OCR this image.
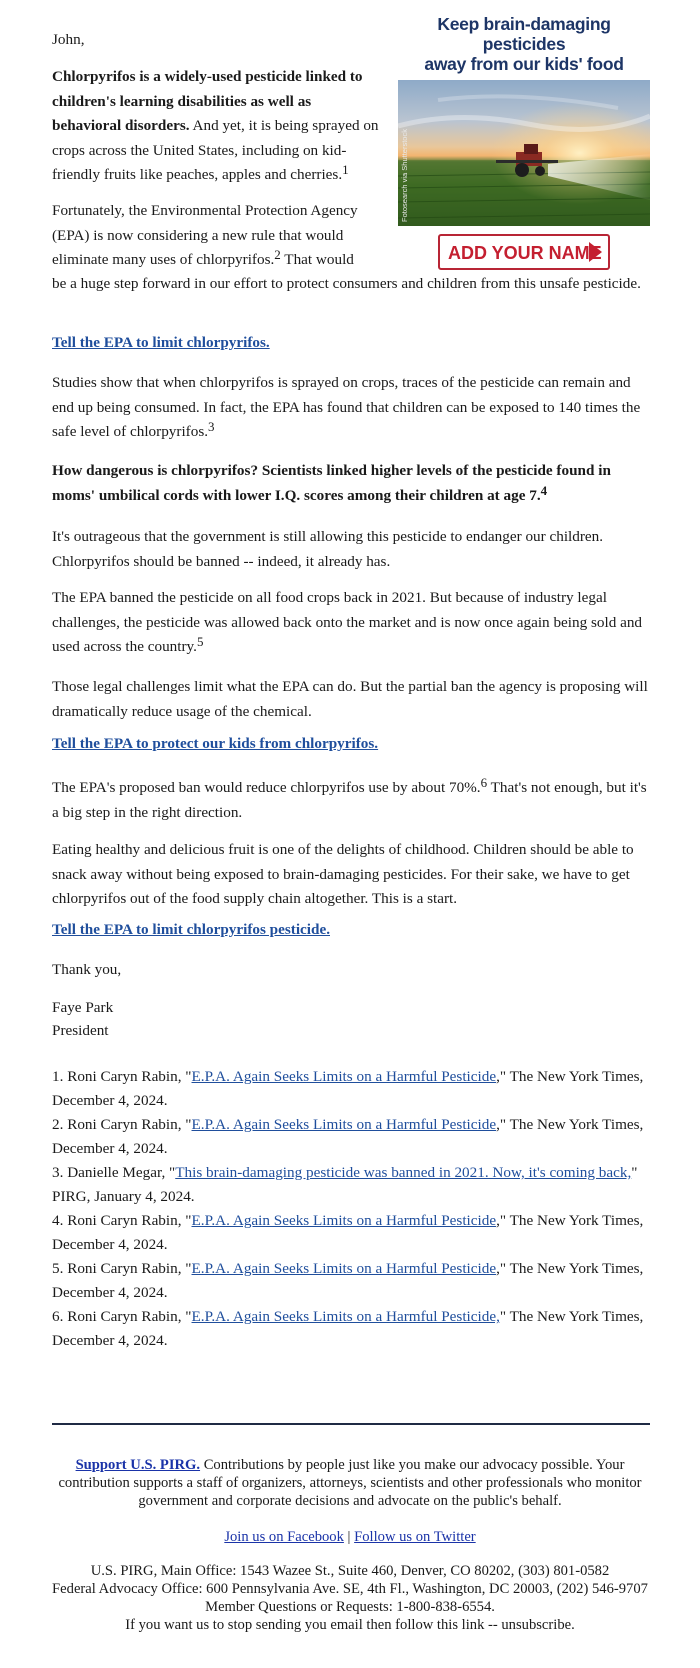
Keep brain-damaging pesticides
away from our kids' food
Fotosearch via Shutterstock
ADD YOUR NAME

John,

Chlorpyrifos is a widely-used pesticide linked to children's learning disabilities as well as behavioral disorders. And yet, it is being sprayed on crops across the United States, including on kid-friendly fruits like peaches, apples and cherries.$^1$

Fortunately, the Environmental Protection Agency (EPA) is now considering a new rule that would eliminate many uses of chlorpyrifos.$^2$ That would

be a huge step forward in our effort to protect consumers and children from this unsafe pesticide.

Tell the EPA to limit chlorpyrifos.

Studies show that when chlorpyrifos is sprayed on crops, traces of the pesticide can remain and end up being consumed. In fact, the EPA has found that children can be exposed to 140 times the safe level of chlorpyrifos.$^3$

How dangerous is chlorpyrifos? Scientists linked higher levels of the pesticide found in moms' umbilical cords with lower I.Q. scores among their children at age 7.$^4$

It's outrageous that the government is still allowing this pesticide to endanger our children. Chlorpyrifos should be banned -- indeed, it already has.

The EPA banned the pesticide on all food crops back in 2021. But because of industry legal challenges, the pesticide was allowed back onto the market and is now once again being sold and used across the country.$^5$

Those legal challenges limit what the EPA can do. But the partial ban the agency is proposing will dramatically reduce usage of the chemical.

Tell the EPA to protect our kids from chlorpyrifos.

The EPA's proposed ban would reduce chlorpyrifos use by about 70%.$^6$ That's not enough, but it's a big step in the right direction.

Eating healthy and delicious fruit is one of the delights of childhood. Children should be able to snack away without being exposed to brain-damaging pesticides. For their sake, we have to get chlorpyrifos out of the food supply chain altogether. This is a start.

Tell the EPA to limit chlorpyrifos pesticide.

Thank you,

Faye Park

President

1. Roni Caryn Rabin, "E.P.A. Again Seeks Limits on a Harmful Pesticide," The New York Times, December 4, 2024.

2. Roni Caryn Rabin, "E.P.A. Again Seeks Limits on a Harmful Pesticide," The New York Times, December 4, 2024.

3. Danielle Megar, "This brain-damaging pesticide was banned in 2021. Now, it's coming back," PIRG, January 4, 2024.

4. Roni Caryn Rabin, "E.P.A. Again Seeks Limits on a Harmful Pesticide," The New York Times, December 4, 2024.

5. Roni Caryn Rabin, "E.P.A. Again Seeks Limits on a Harmful Pesticide," The New York Times, December 4, 2024.

6. Roni Caryn Rabin, "E.P.A. Again Seeks Limits on a Harmful Pesticide," The New York Times, December 4, 2024.

Support U.S. PIRG. Contributions by people just like you make our advocacy possible. Your contribution supports a staff of organizers, attorneys, scientists and other professionals who monitor government and corporate decisions and advocate on the public's behalf.

Join us on Facebook | Follow us on Twitter

U.S. PIRG, Main Office: 1543 Wazee St., Suite 460, Denver, CO 80202, (303) 801-0582

Federal Advocacy Office: 600 Pennsylvania Ave. SE, 4th Fl., Washington, DC 20003, (202) 546-9707

Member Questions or Requests: 1-800-838-6554.

If you want us to stop sending you email then follow this link -- unsubscribe.
